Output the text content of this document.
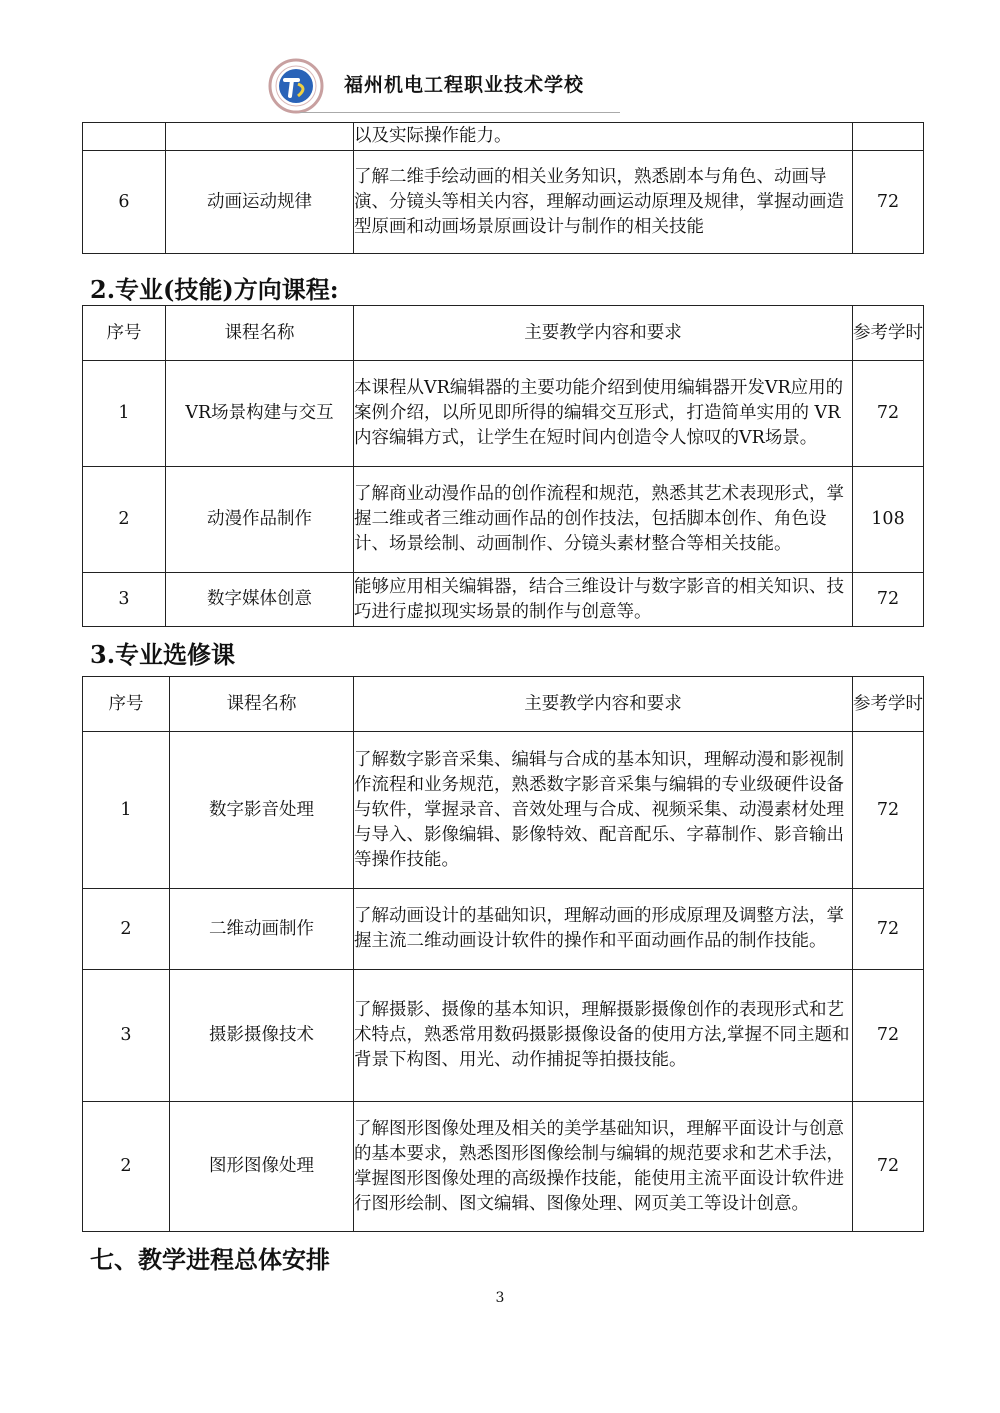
福州机电工程职业技术学校
		以及实际操作能力。	
6	动画运动规律	了解二维手绘动画的相关业务知识，熟悉剧本与角色、动画导演、分镜头等相关内容，理解动画运动原理及规律，掌握动画造型原画和动画场景原画设计与制作的相关技能	72
2.专业(技能)方向课程:
序号	课程名称	主要教学内容和要求	参考学时
1	VR场景构建与交互	本课程从VR编辑器的主要功能介绍到使用编辑器开发VR应用的案例介绍，以所见即所得的编辑交互形式，打造简单实用的 VR 内容编辑方式，让学生在短时间内创造令人惊叹的VR场景。	72
2	动漫作品制作	了解商业动漫作品的创作流程和规范，熟悉其艺术表现形式，掌握二维或者三维动画作品的创作技法，包括脚本创作、角色设计、场景绘制、动画制作、分镜头素材整合等相关技能。	108
3	数字媒体创意	能够应用相关编辑器，结合三维设计与数字影音的相关知识、技巧进行虚拟现实场景的制作与创意等。	72
3.专业选修课
序号	课程名称	主要教学内容和要求	参考学时
1	数字影音处理	了解数字影音采集、编辑与合成的基本知识，理解动漫和影视制作流程和业务规范，熟悉数字影音采集与编辑的专业级硬件设备与软件，掌握录音、音效处理与合成、视频采集、动漫素材处理与导入、影像编辑、影像特效、配音配乐、字幕制作、影音输出等操作技能。	72
2	二维动画制作	了解动画设计的基础知识，理解动画的形成原理及调整方法，掌握主流二维动画设计软件的操作和平面动画作品的制作技能。	72
3	摄影摄像技术	了解摄影、摄像的基本知识，理解摄影摄像创作的表现形式和艺术特点，熟悉常用数码摄影摄像设备的使用方法,掌握不同主题和背景下构图、用光、动作捕捉等拍摄技能。	72
2	图形图像处理	了解图形图像处理及相关的美学基础知识，理解平面设计与创意的基本要求，熟悉图形图像绘制与编辑的规范要求和艺术手法，掌握图形图像处理的高级操作技能，能使用主流平面设计软件进行图形绘制、图文编辑、图像处理、网页美工等设计创意。	72
七、教学进程总体安排
3
